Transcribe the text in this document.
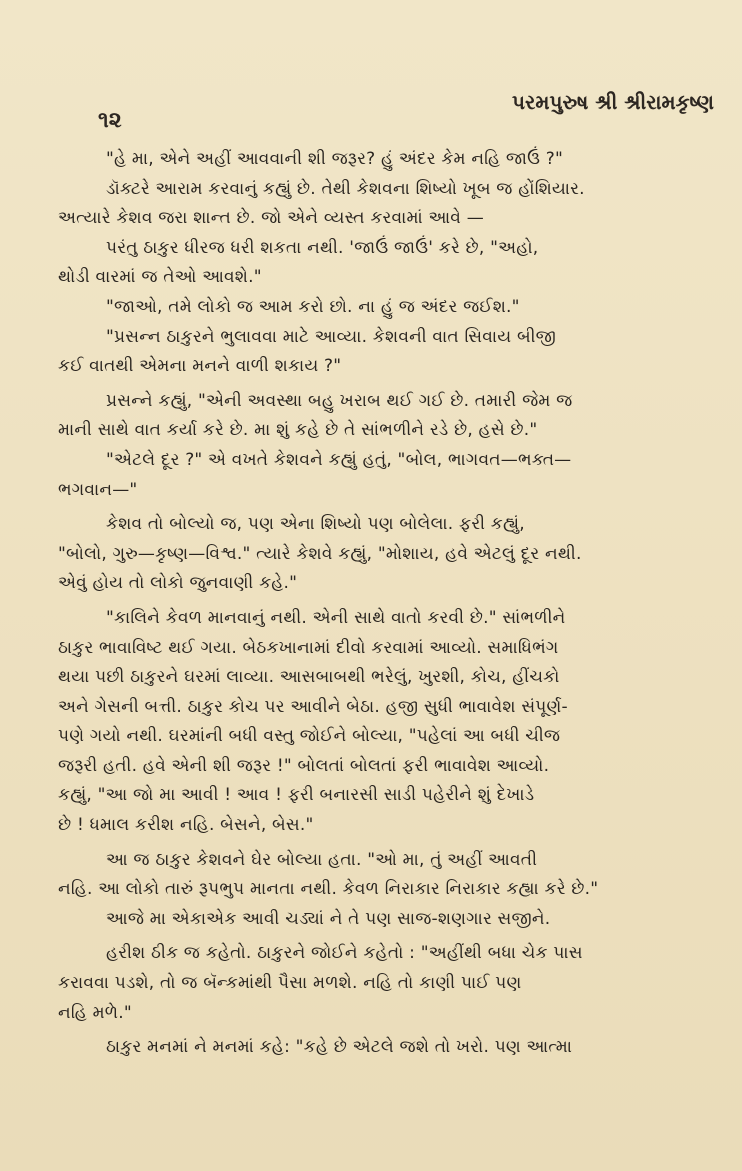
૧૨
પરમપુરુષ શ્રી શ્રીરામકૃષ્ણ
"હે મા, એને અહીં આવવાની શી જરૂર? હું અંદર કેમ નહિ જાઉં ?"
ડૉક્ટરે આરામ કરવાનું કહ્યું છે. તેથી કેશવના શિષ્યો ખૂબ જ હોંશિયાર.
અત્યારે કેશવ જરા શાન્ત છે. જો એને વ્યસ્ત કરવામાં આવે —
પરંતુ ઠાકુર ધીરજ ધરી શકતા નથી. 'જાઉં જાઉં' કરે છે, "અહો,
થોડી વારમાં જ તેઓ આવશે."
"જાઓ, તમે લોકો જ આમ કરો છો. ના હું જ અંદર જઈશ."
"પ્રસન્ન ઠાકુરને ભુલાવવા માટે આવ્યા. કેશવની વાત સિવાય બીજી
કઈ વાતથી એમના મનને વાળી શકાય ?"
પ્રસન્ને કહ્યું, "એની અવસ્થા બહુ ખરાબ થઈ ગઈ છે. તમારી જેમ જ
માની સાથે વાત કર્યા કરે છે. મા શું કહે છે તે સાંભળીને રડે છે, હસે છે."
"એટલે દૂર ?" એ વખતે કેશવને કહ્યું હતું, "બોલ, ભાગવત—ભક્ત—
ભગવાન—"
કેશવ તો બોલ્યો જ, પણ એના શિષ્યો પણ બોલેલા. ફરી કહ્યું,
"બોલો, ગુરુ—કૃષ્ણ—વિશ્વ." ત્યારે કેશવે કહ્યું, "મોશાય, હવે એટલું દૂર નથી.
એવું હોય તો લોકો જુનવાણી કહે."
"કાલિને કેવળ માનવાનું નથી. એની સાથે વાતો કરવી છે." સાંભળીને
ઠાકુર ભાવાવિષ્ટ થઈ ગયા. બેઠકખાનામાં દીવો કરવામાં આવ્યો. સમાધિભંગ
થયા પછી ઠાકુરને ઘરમાં લાવ્યા. આસબાબથી ભરેલું, ખુરશી, કોચ, હીંચકો
અને ગેસની બત્તી. ઠાકુર કોચ પર આવીને બેઠા. હજી સુધી ભાવાવેશ સંપૂર્ણ-
પણે ગયો નથી. ઘરમાંની બધી વસ્તુ જોઈને બોલ્યા, "પહેલાં આ બધી ચીજ
જરૂરી હતી. હવે એની શી જરૂર !" બોલતાં બોલતાં ફરી ભાવાવેશ આવ્યો.
કહ્યું, "આ જો મા આવી ! આવ ! ફરી બનારસી સાડી પહેરીને શું દેખાડે
છે ! ધમાલ કરીશ નહિ. બેસને, બેસ."
આ જ ઠાકુર કેશવને ઘેર બોલ્યા હતા. "ઓ મા, તું અહીં આવતી
નહિ. આ લોકો તારું રૂપભુપ માનતા નથી. કેવળ નિરાકાર નિરાકાર કહ્યા કરે છે."
આજે મા એકાએક આવી ચડ્યાં ને તે પણ સાજ-શણગાર સજીને.
હરીશ ઠીક જ કહેતો. ઠાકુરને જોઈને કહેતો : "અહીંથી બધા ચેક પાસ
કરાવવા પડશે, તો જ બૅન્કમાંથી પૈસા મળશે. નહિ તો કાણી પાઈ પણ
નહિ મળે."
ઠાકુર મનમાં ને મનમાં કહે: "કહે છે એટલે જશે તો ખરો. પણ આત્મા
